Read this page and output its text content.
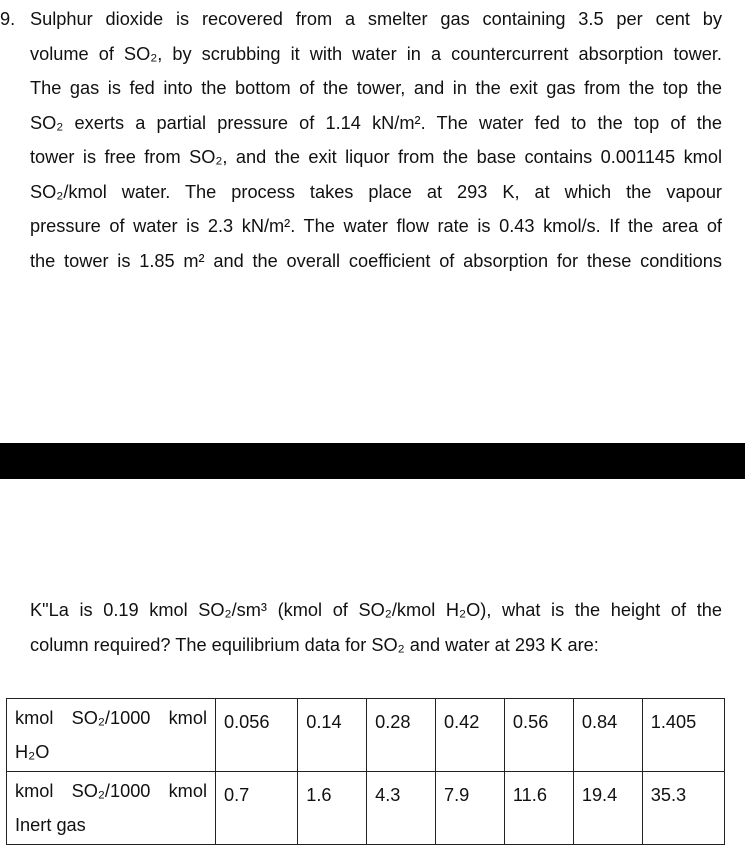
9. Sulphur dioxide is recovered from a smelter gas containing 3.5 per cent by
volume of SO₂, by scrubbing it with water in a countercurrent absorption tower.
The gas is fed into the bottom of the tower, and in the exit gas from the top the
SO₂ exerts a partial pressure of 1.14 kN/m². The water fed to the top of the
tower is free from SO₂, and the exit liquor from the base contains 0.001145 kmol
SO₂/kmol water. The process takes place at 293 K, at which the vapour
pressure of water is 2.3 kN/m². The water flow rate is 0.43 kmol/s. If the area of
the tower is 1.85 m² and the overall coefficient of absorption for these conditions
K"La is 0.19 kmol SO₂/sm³ (kmol of SO₂/kmol H₂O), what is the height of the
column required? The equilibrium data for SO₂ and water at 293 K are:
kmol SO₂/1000 kmol
H₂O	0.056	0.14	0.28	0.42	0.56	0.84	1.405

kmol SO₂/1000 kmol
Inert gas	0.7	1.6	4.3	7.9	11.6	19.4	35.3
